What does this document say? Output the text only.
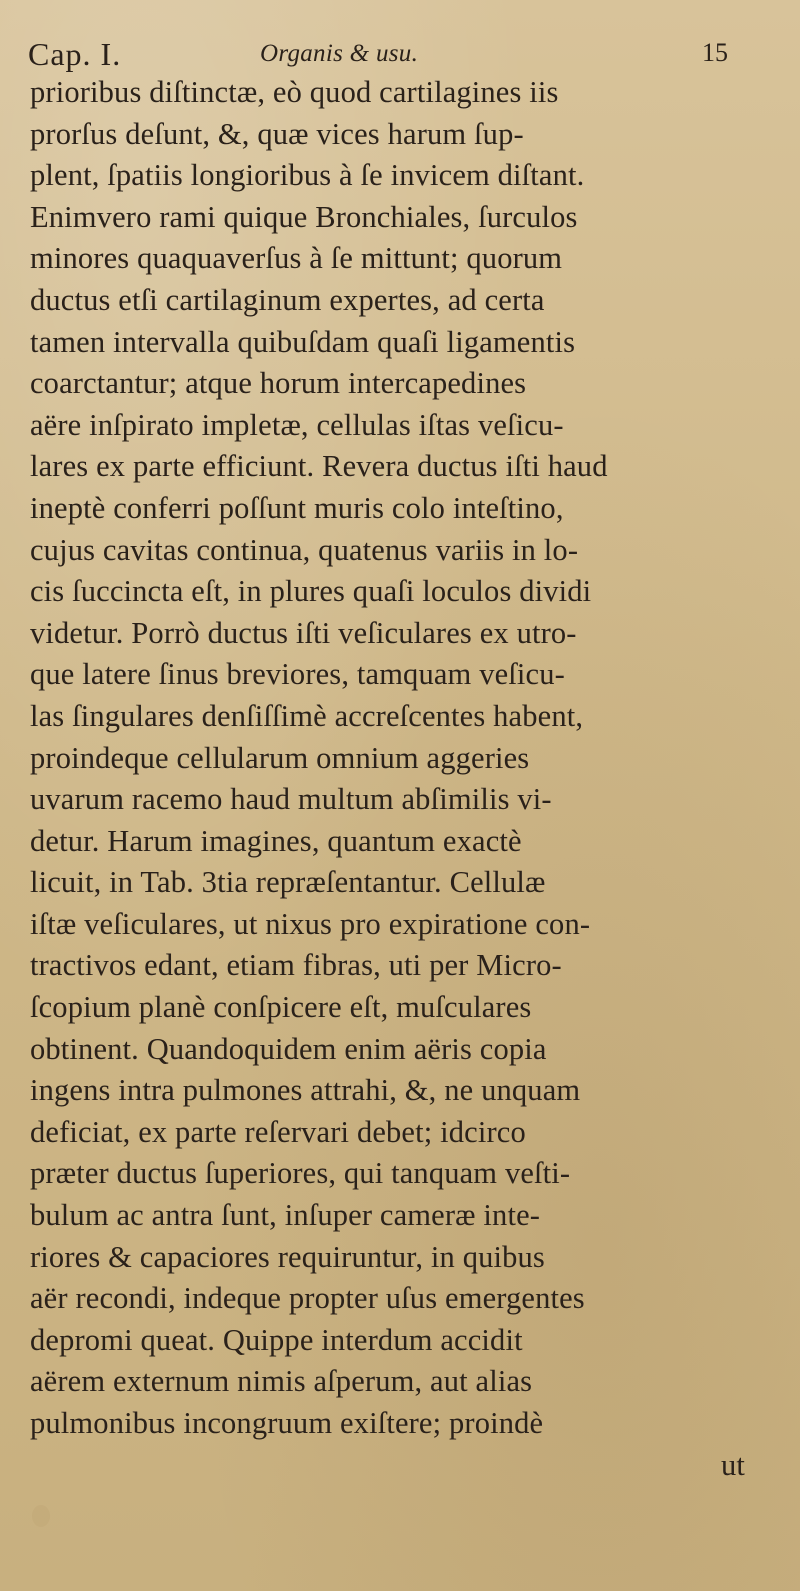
Cap. I.	Organis & usu.	15
prioribus diſtinctæ, eò quod cartilagines iis
prorſus deſunt, &, quæ vices harum ſup-
plent, ſpatiis longioribus à ſe invicem diſtant.
Enimvero rami quique Bronchiales, ſurculos
minores quaquaverſus à ſe mittunt; quorum
ductus etſi cartilaginum expertes, ad certa
tamen intervalla quibuſdam quaſi ligamentis
coarctantur; atque horum intercapedines
aëre inſpirato impletæ, cellulas iſtas veſicu-
lares ex parte efficiunt. Revera ductus iſti haud
ineptè conferri poſſunt muris colo inteſtino,
cujus cavitas continua, quatenus variis in lo-
cis ſuccincta eſt, in plures quaſi loculos dividi
videtur. Porrò ductus iſti veſiculares ex utro-
que latere ſinus breviores, tamquam veſicu-
las ſingulares denſiſſimè accreſcentes habent,
proindeque cellularum omnium aggeries
uvarum racemo haud multum abſimilis vi-
detur. Harum imagines, quantum exactè
licuit, in Tab. 3tia repræſentantur. Cellulæ
iſtæ veſiculares, ut nixus pro expiratione con-
tractivos edant, etiam fibras, uti per Micro-
ſcopium planè conſpicere eſt, muſculares
obtinent. Quandoquidem enim aëris copia
ingens intra pulmones attrahi, &, ne unquam
deficiat, ex parte reſervari debet; idcirco
præter ductus ſuperiores, qui tanquam veſti-
bulum ac antra ſunt, inſuper cameræ inte-
riores & capaciores requiruntur, in quibus
aër recondi, indeque propter uſus emergentes
depromi queat. Quippe interdum accidit
aërem externum nimis aſperum, aut alias
pulmonibus incongruum exiſtere; proindè
ut
